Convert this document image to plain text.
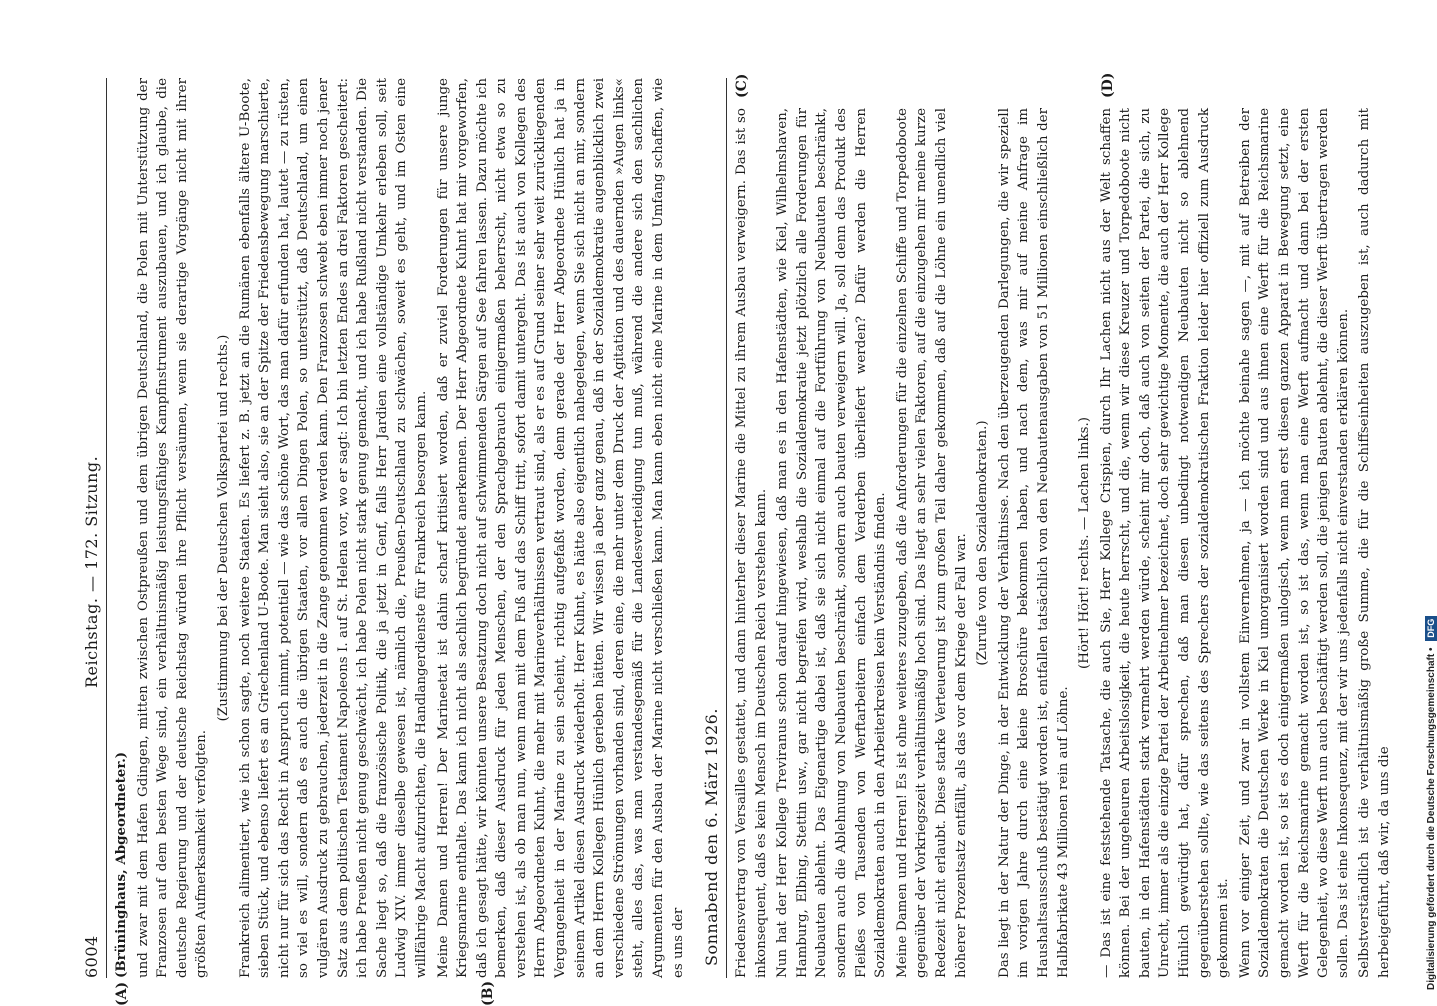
6004
Reichstag. — 172. Sitzung.
(A)	(B)

(Brüninghaus, Abgeordneter.) und zwar mit dem Hafen Gdingen, mitten zwischen Ostpreußen und dem übrigen Deutschland, die Polen mit Unterstützung der Franzosen auf dem besten Wege sind, ein verhältnismäßig leistungsfähiges Kampfinstrument auszubauen, und ich glaube, die deutsche Regierung und der deutsche Reichstag würden ihre Pflicht versäumen, wenn sie derartige Vorgänge nicht mit ihrer größten Aufmerksamkeit verfolgten.

(Zustimmung bei der Deutschen Volkspartei und rechts.) Frankreich alimentiert, wie ich schon sagte, noch weitere Staaten. Es liefert z. B. jetzt an die Rumänen ebenfalls ältere U-Boote, sieben Stück, und ebenso liefert es an Griechenland U-Boote. Man sieht also, sie an der Spitze der Friedensbewegung marschierte, nicht nur für sich das Recht in Anspruch nimmt, potentiell — wie das schöne Wort, das man dafür erfunden hat, lautet — zu rüsten, so viel es will, sondern daß es auch die übrigen Staaten, vor allen Dingen Polen, so unterstützt, daß Deutschland, um einen vulgären Ausdruck zu gebrauchen, jederzeit in die Zange genommen werden kann. Den Franzosen schwebt eben immer noch jener Satz aus dem politischen Testament Napoleons I. auf St. Helena vor, wo er sagt: Ich bin letzten Endes an drei Faktoren gescheitert: ich habe Preußen nicht genug geschwächt, ich habe Polen nicht stark genug gemacht, und ich habe Rußland nicht verstanden. Die Sache liegt so, daß die französische Politik, die ja jetzt in Genf, falls Herr Jardien eine vollständige Umkehr erleben soll, seit Ludwig XIV. immer dieselbe gewesen ist, nämlich die, Preußen-Deutschland zu schwächen, soweit es geht, und im Osten eine willfährige Macht aufzurichten, die Handlangerdienste für Frankreich besorgen kann. Meine Damen und Herren! Der Marineetat ist dahin scharf kritisiert worden, daß er zuviel Forderungen für unsere junge Kriegsmarine enthalte. Das kann ich nicht als sachlich begründet anerkennen. Der Herr Abgeordnete Kuhnt hat mir vorgeworfen, daß ich gesagt hätte, wir könnten unsere Besatzung doch nicht auf schwimmenden Särgen auf See fahren lassen. Dazu möchte ich bemerken, daß dieser Ausdruck für jeden Menschen, der den Sprachgebrauch einigermaßen beherrscht, nicht etwa so zu verstehen ist, als ob man nun, wenn man mit dem Fuß auf das Schiff tritt, sofort damit untergeht. Das ist auch von Kollegen des Herrn Abgeordneten Kuhnt, die mehr mit Marineverhältnissen vertraut sind, als er es auf Grund seiner sehr weit zurückliegenden Vergangenheit in der Marine zu sein scheint, richtig aufgefaßt worden, denn gerade der Herr Abgeordnete Hünlich hat ja in seinem Artikel diesen Ausdruck wiederholt. Herr Kuhnt, es hätte also eigentlich nahegelegen, wenn Sie sich nicht an mir, sondern an dem Herrn Kollegen Hünlich gerieben hätten. Wir wissen ja aber ganz genau, daß in der Sozialdemokratie augenblicklich zwei verschiedene Strömungen vorhanden sind, deren eine, die mehr unter dem Druck der Agitation und des dauernden »Augen links« steht, alles das, was man verstandesgemäß für die Landesverteidigung tun muß, während die andere sich den sachlichen Argumenten für den Ausbau der Marine nicht verschließen kann. Man kann eben nicht eine Marine in dem Umfang schaffen, wie es uns der Sonnabend den 6. März 1926.
(C)	(D)

Friedensvertrag von Versailles gestattet, und dann hinterher dieser Marine die Mittel zu ihrem Ausbau verweigern. Das ist so inkonsequent, daß es kein Mensch im Deutschen Reich verstehen kann. Nun hat der Herr Kollege Treviranus schon darauf hingewiesen, daß man es in den Hafenstädten, wie Kiel, Wilhelmshaven, Hamburg, Elbing, Stettin usw., gar nicht begreifen wird, weshalb die Sozialdemokratie jetzt plötzlich alle Forderungen für Neubauten ablehnt. Das Eigenartige dabei ist, daß sie sich nicht einmal auf die Fortführung von Neubauten beschränkt, sondern auch die Ablehnung von Neubauten beschränkt, sondern auch bauten verweigern will. Ja, soll denn das Produkt des Fleißes von Tausenden von Werftarbeitern einfach dem Verderben überliefert werden? Dafür werden die Herren Sozialdemokraten auch in den Arbeiterkreisen kein Verständnis finden. Meine Damen und Herren! Es ist ohne weiteres zuzugeben, daß die Anforderungen für die einzelnen Schiffe und Torpedoboote gegenüber der Vorkriegszeit verhältnismäßig hoch sind. Das liegt an sehr vielen Faktoren, auf die einzugehen mir meine kurze Redezeit nicht erlaubt. Diese starke Verteuerung ist zum großen Teil daher gekommen, daß auf die Löhne ein unendlich viel höherer Prozentsatz entfällt, als das vor dem Kriege der Fall war. (Zurufe von den Sozialdemokraten.) Das liegt in der Natur der Dinge, in der Entwicklung der Verhältnisse. Nach den überzeugenden Darlegungen, die wir speziell im vorigen Jahre durch eine kleine Broschüre bekommen haben, und nach dem, was mir auf meine Anfrage im Haushaltsausschuß bestätigt worden ist, entfallen tatsächlich von den Neubautenausgaben von 51 Millionen einschließlich der Halbfabrikate 43 Millionen rein auf Löhne.

(Hört! Hört! rechts. — Lachen links.) — Das ist eine feststehende Tatsache, die auch Sie, Herr Kollege Crispien, durch Ihr Lachen nicht aus der Welt schaffen können. Bei der ungeheuren Arbeitslosigkeit, die heute herrscht, und die, wenn wir diese Kreuzer und Torpedoboote nicht bauten, in den Hafenstädten stark vermehrt werden würde, scheint mir doch, daß auch von seiten der Partei, die sich, zu Unrecht, immer als die einzige Partei der Arbeitnehmer bezeichnet, doch sehr gewichtige Momente, die auch der Herr Kollege Hünlich gewürdigt hat, dafür sprechen, daß man diesen unbedingt notwendigen Neubauten nicht so ablehnend gegenüberstehen sollte, wie das seitens des Sprechers der sozialdemokratischen Fraktion leider hier offiziell zum Ausdruck gekommen ist. Wenn vor einiger Zeit, und zwar in vollstem Einvernehmen, ja — ich möchte beinahe sagen —, mit auf Betreiben der Sozialdemokraten die Deutschen Werke in Kiel umorganisiert worden sind und aus ihnen eine Werft für die Reichsmarine gemacht worden ist, so ist es doch einigermaßen unlogisch, wenn man erst diesen ganzen Apparat in Bewegung setzt, eine Werft für die Reichsmarine gemacht worden ist, so ist das, wenn man eine Werft aufmacht und dann bei der ersten Gelegenheit, wo diese Werft nun auch beschäftigt werden soll, die jenigen Bauten ablehnt, die dieser Werft übertragen werden sollen. Das ist eine Inkonsequenz, mit der wir uns jedenfalls nicht einverstanden erklären können. Selbstverständlich ist die verhältnismäßig große Summe, die für die Schiffseinheiten auszugeben ist, auch dadurch mit herbeigeführt, daß wir, da uns die	Digitalisierung gefördert durch die Deutsche Forschungsgemeinschaft • DFG
